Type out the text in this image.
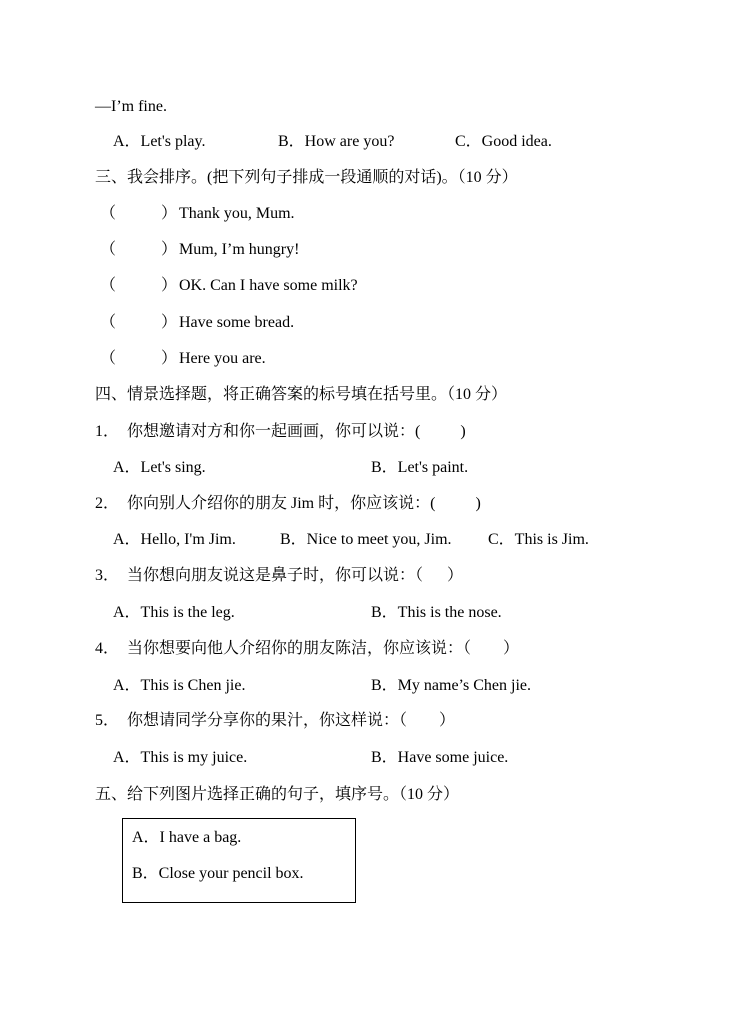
—I’m fine.
A．Let's play.	B．How are you?	C．Good idea.
三、我会排序。(把下列句子排成一段通顺的对话)。（10 分）
（	） Thank you, Mum.
（	） Mum, I’m hungry!
（	） OK. Can I have some milk?
（	） Have some bread.
（	） Here you are.
四、情景选择题，将正确答案的标号填在括号里。（10 分）
1．  你想邀请对方和你一起画画，你可以说：(          )
A．Let's sing.	B．Let's paint.
2．  你向别人介绍你的朋友 Jim 时，你应该说：(          )
A．Hello, I'm Jim.	B．Nice to meet you, Jim. C．This is Jim.
3．  当你想向朋友说这是鼻子时，你可以说：（      ）
A．This is the leg.	B．This is the nose.
4．  当你想要向他人介绍你的朋友陈洁，你应该说：（        ）
A．This is Chen jie.	B．My name’s Chen jie.
5．  你想请同学分享你的果汁，你这样说：（        ）
A．This is my juice.	B．Have some juice.
五、给下列图片选择正确的句子，填序号。（10 分）
A．I have a bag.
B．Close your pencil box.
